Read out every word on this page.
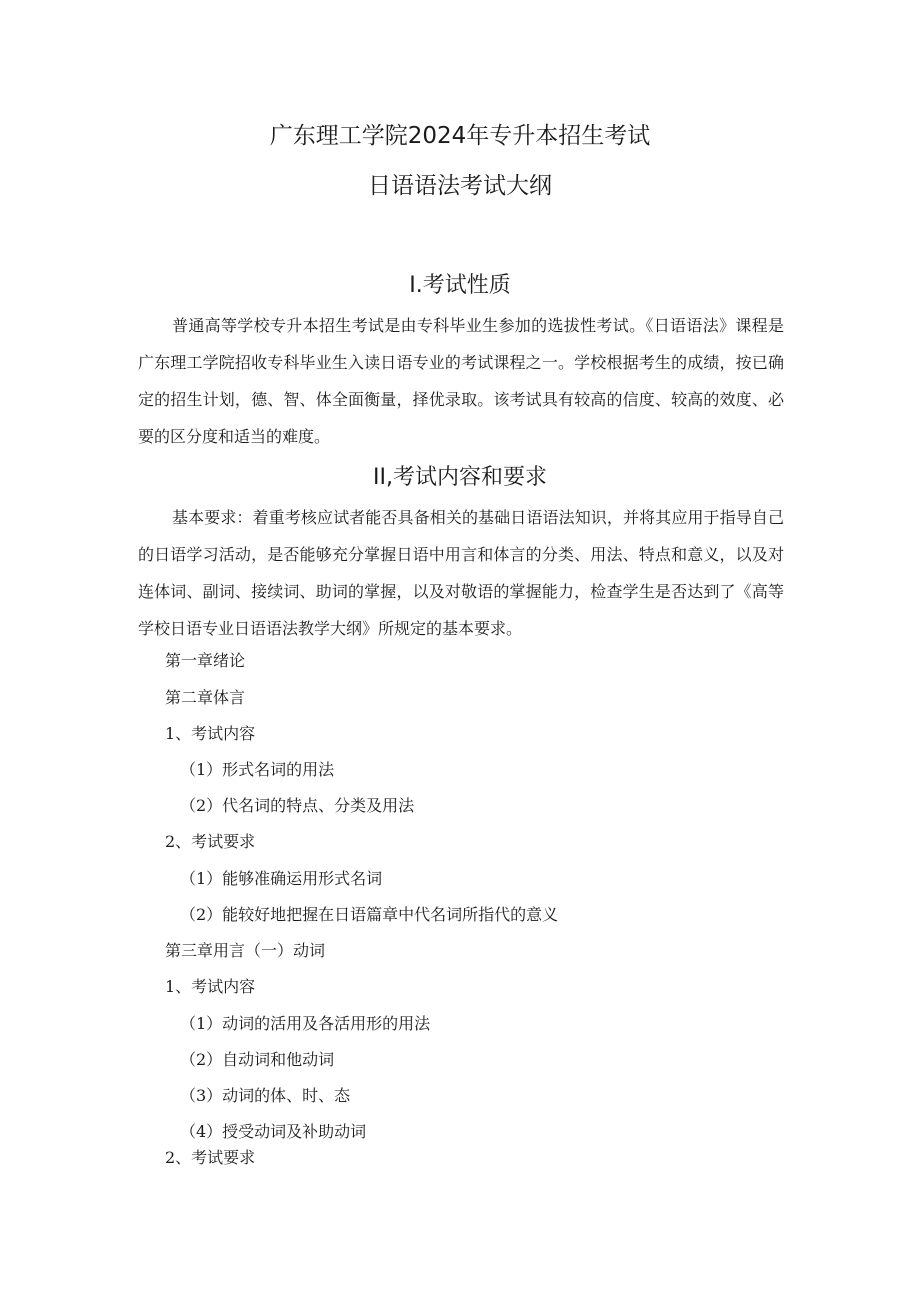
广东理工学院2024年专升本招生考试
日语语法考试大纲
I.考试性质

普通高等学校专升本招生考试是由专科毕业生参加的选拔性考试。《日语语法》课程是广东理工学院招收专科毕业生入读日语专业的考试课程之一。学校根据考生的成绩，按已确定的招生计划，德、智、体全面衡量，择优录取。该考试具有较高的信度、较高的效度、必要的区分度和适当的难度。

II,考试内容和要求

基本要求：着重考核应试者能否具备相关的基础日语语法知识，并将其应用于指导自己的日语学习活动，是否能够充分掌握日语中用言和体言的分类、用法、特点和意义，以及对连体词、副词、接续词、助词的掌握，以及对敬语的掌握能力，检查学生是否达到了《高等学校日语专业日语语法教学大纲》所规定的基本要求。

第一章绪论
第二章体言
1、考试内容
（1）形式名词的用法
（2）代名词的特点、分类及用法
2、考试要求
（1）能够准确运用形式名词
（2）能较好地把握在日语篇章中代名词所指代的意义
第三章用言（一）动词
1、考试内容
（1）动词的活用及各活用形的用法
（2）自动词和他动词
（3）动词的体、时、态
（4）授受动词及补助动词
2、考试要求
